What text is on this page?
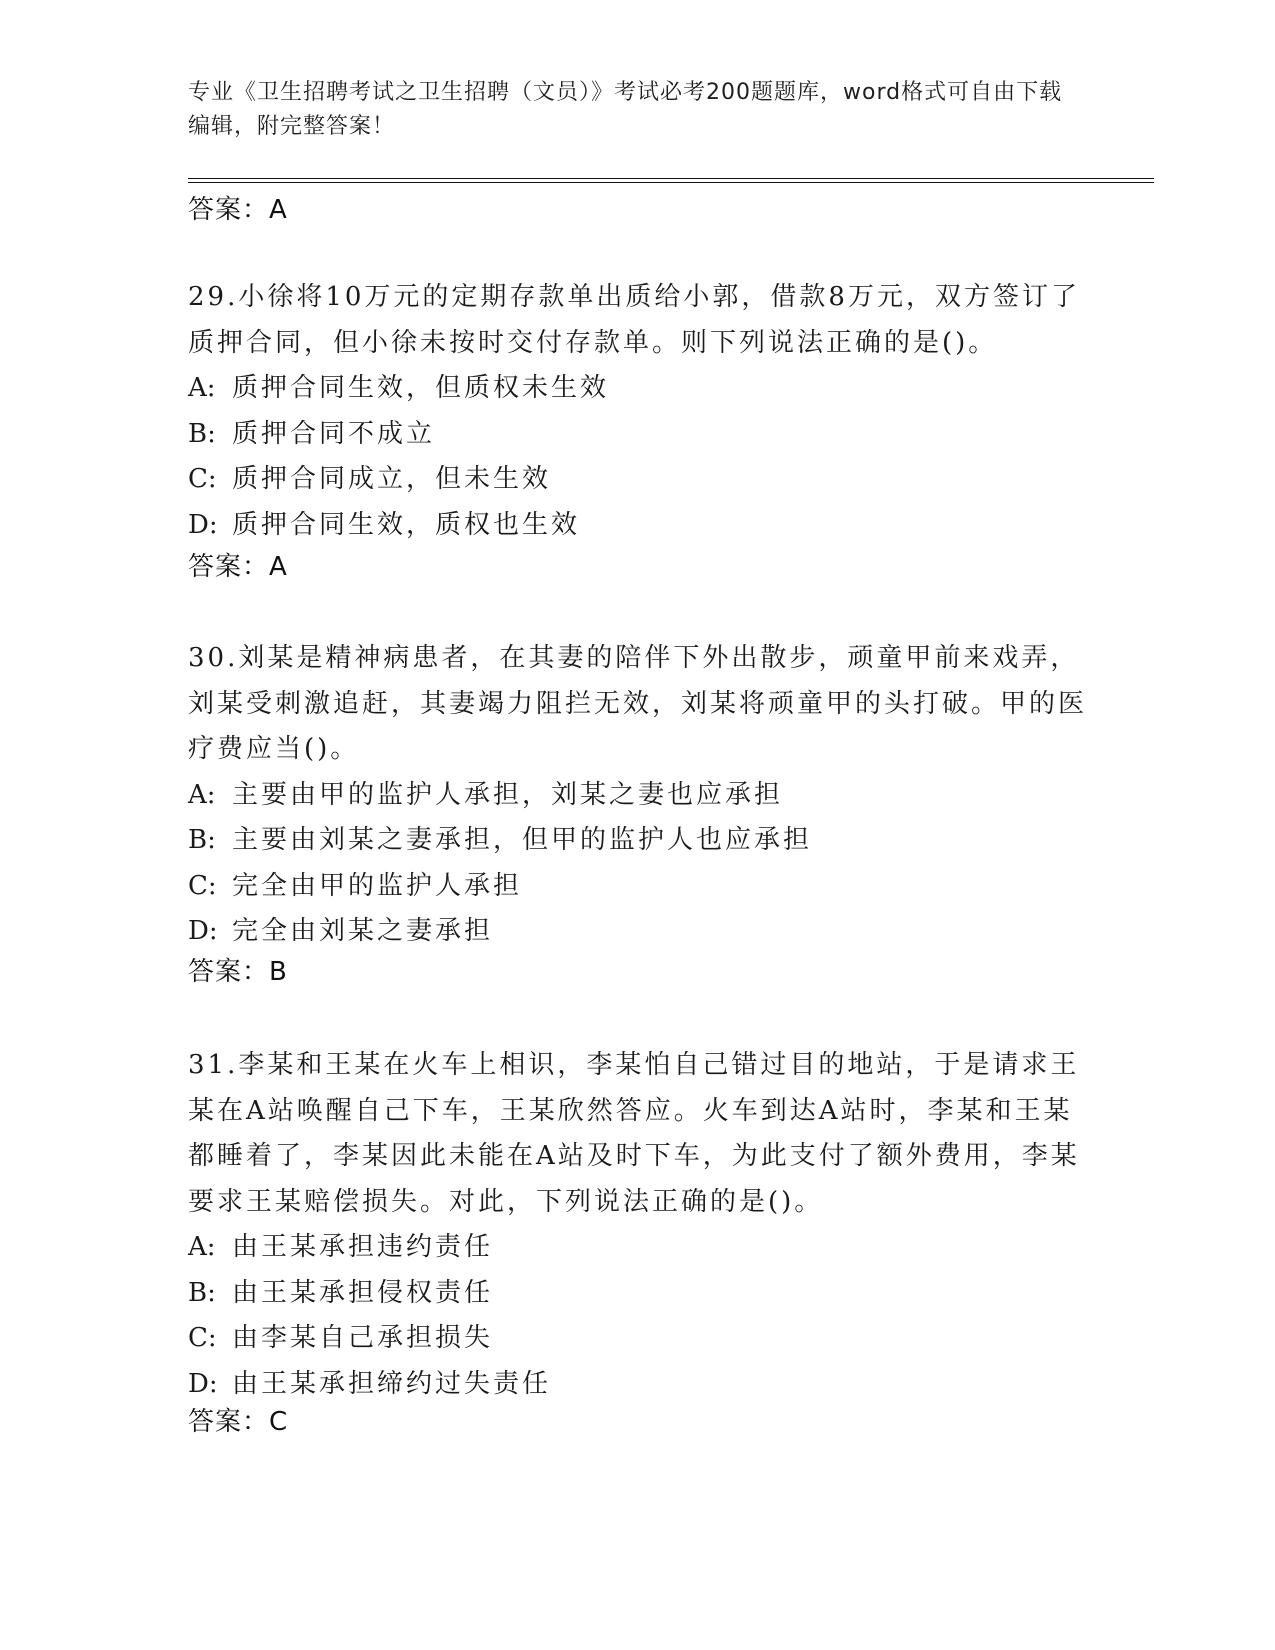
专业《卫生招聘考试之卫生招聘（文员）》考试必考200题题库，word格式可自由下载编辑，附完整答案！
答案：A
29.小徐将10万元的定期存款单出质给小郭，借款8万元，双方签订了质押合同，但小徐未按时交付存款单。则下列说法正确的是()。
A: 质押合同生效，但质权未生效
B: 质押合同不成立
C: 质押合同成立，但未生效
D: 质押合同生效，质权也生效
答案：A
30.刘某是精神病患者，在其妻的陪伴下外出散步，顽童甲前来戏弄，刘某受刺激追赶，其妻竭力阻拦无效，刘某将顽童甲的头打破。甲的医疗费应当()。
A: 主要由甲的监护人承担，刘某之妻也应承担
B: 主要由刘某之妻承担，但甲的监护人也应承担
C: 完全由甲的监护人承担
D: 完全由刘某之妻承担
答案：B
31.李某和王某在火车上相识，李某怕自己错过目的地站，于是请求王某在A站唤醒自己下车，王某欣然答应。火车到达A站时，李某和王某都睡着了，李某因此未能在A站及时下车，为此支付了额外费用，李某要求王某赔偿损失。对此，下列说法正确的是()。
A: 由王某承担违约责任
B: 由王某承担侵权责任
C: 由李某自己承担损失
D: 由王某承担缔约过失责任
答案：C
